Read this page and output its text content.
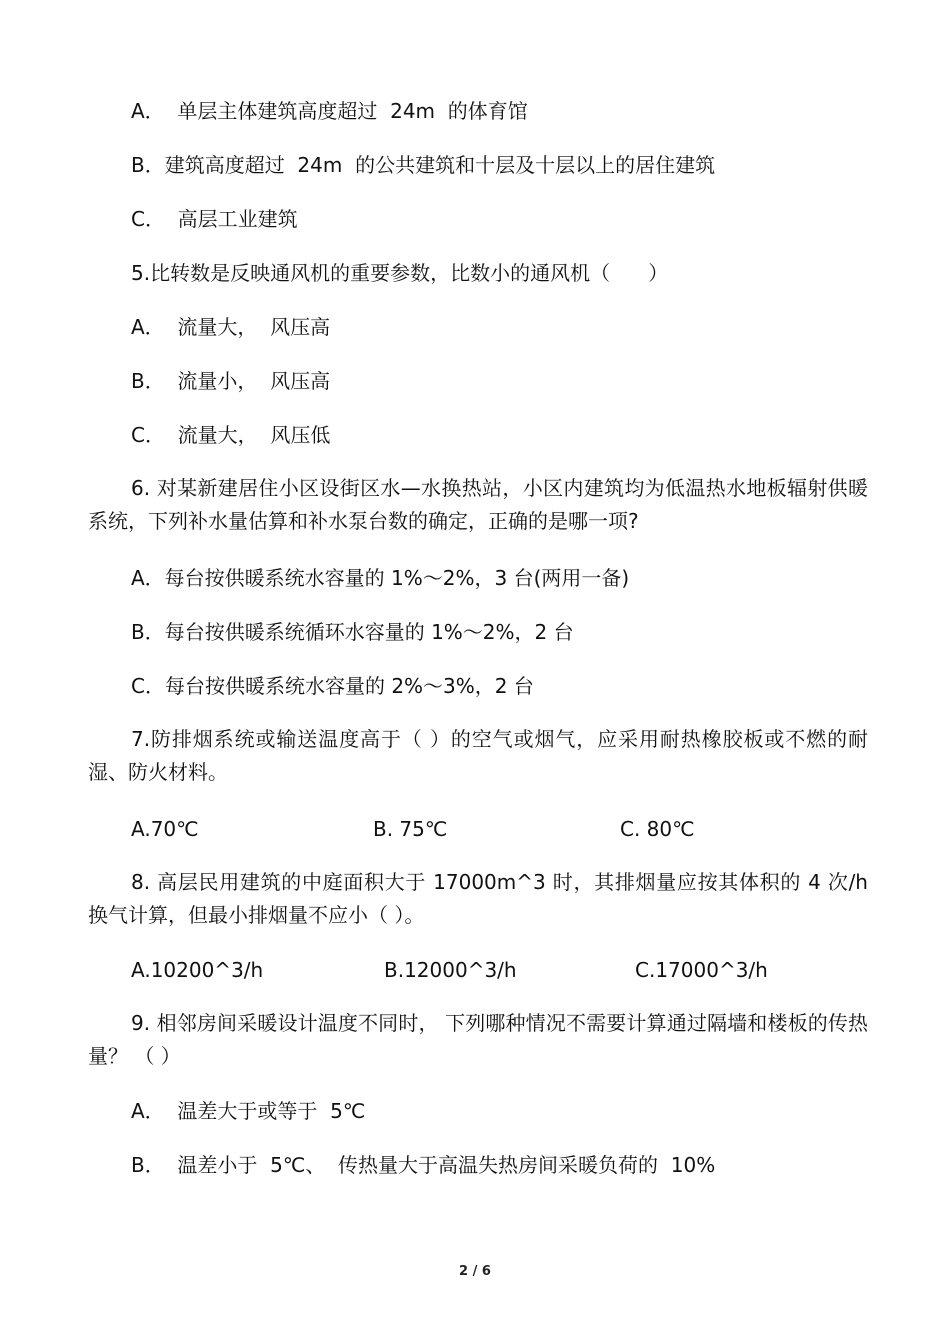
A．  单层主体建筑高度超过  24m  的体育馆
B．建筑高度超过  24m  的公共建筑和十层及十层以上的居住建筑
C．  高层工业建筑
5.比转数是反映通风机的重要参数，比数小的通风机（      ）
A．  流量大，  风压高
B．  流量小，  风压高
C．  流量大，  风压低
6. 对某新建居住小区设街区水—水换热站，小区内建筑均为低温热水地板辐射供暖系统，下列补水量估算和补水泵台数的确定，正确的是哪一项?
A．每台按供暖系统水容量的 1%～2%，3 台(两用一备)
B．每台按供暖系统循环水容量的 1%～2%，2 台
C．每台按供暖系统水容量的 2%～3%，2 台
7.防排烟系统或输送温度高于（ ）的空气或烟气，应采用耐热橡胶板或不燃的耐湿、防火材料。
A.70℃	B. 75℃	C. 80℃
8. 高层民用建筑的中庭面积大于 17000m^3 时，其排烟量应按其体积的 4 次/h 换气计算，但最小排烟量不应小（ ）。
A.10200^3/h	B.12000^3/h	C.17000^3/h
9. 相邻房间采暖设计温度不同时， 下列哪种情况不需要计算通过隔墙和楼板的传热量？ （ ）
A．  温差大于或等于  5℃
B．  温差小于  5℃、  传热量大于高温失热房间采暖负荷的  10%
2 / 6
